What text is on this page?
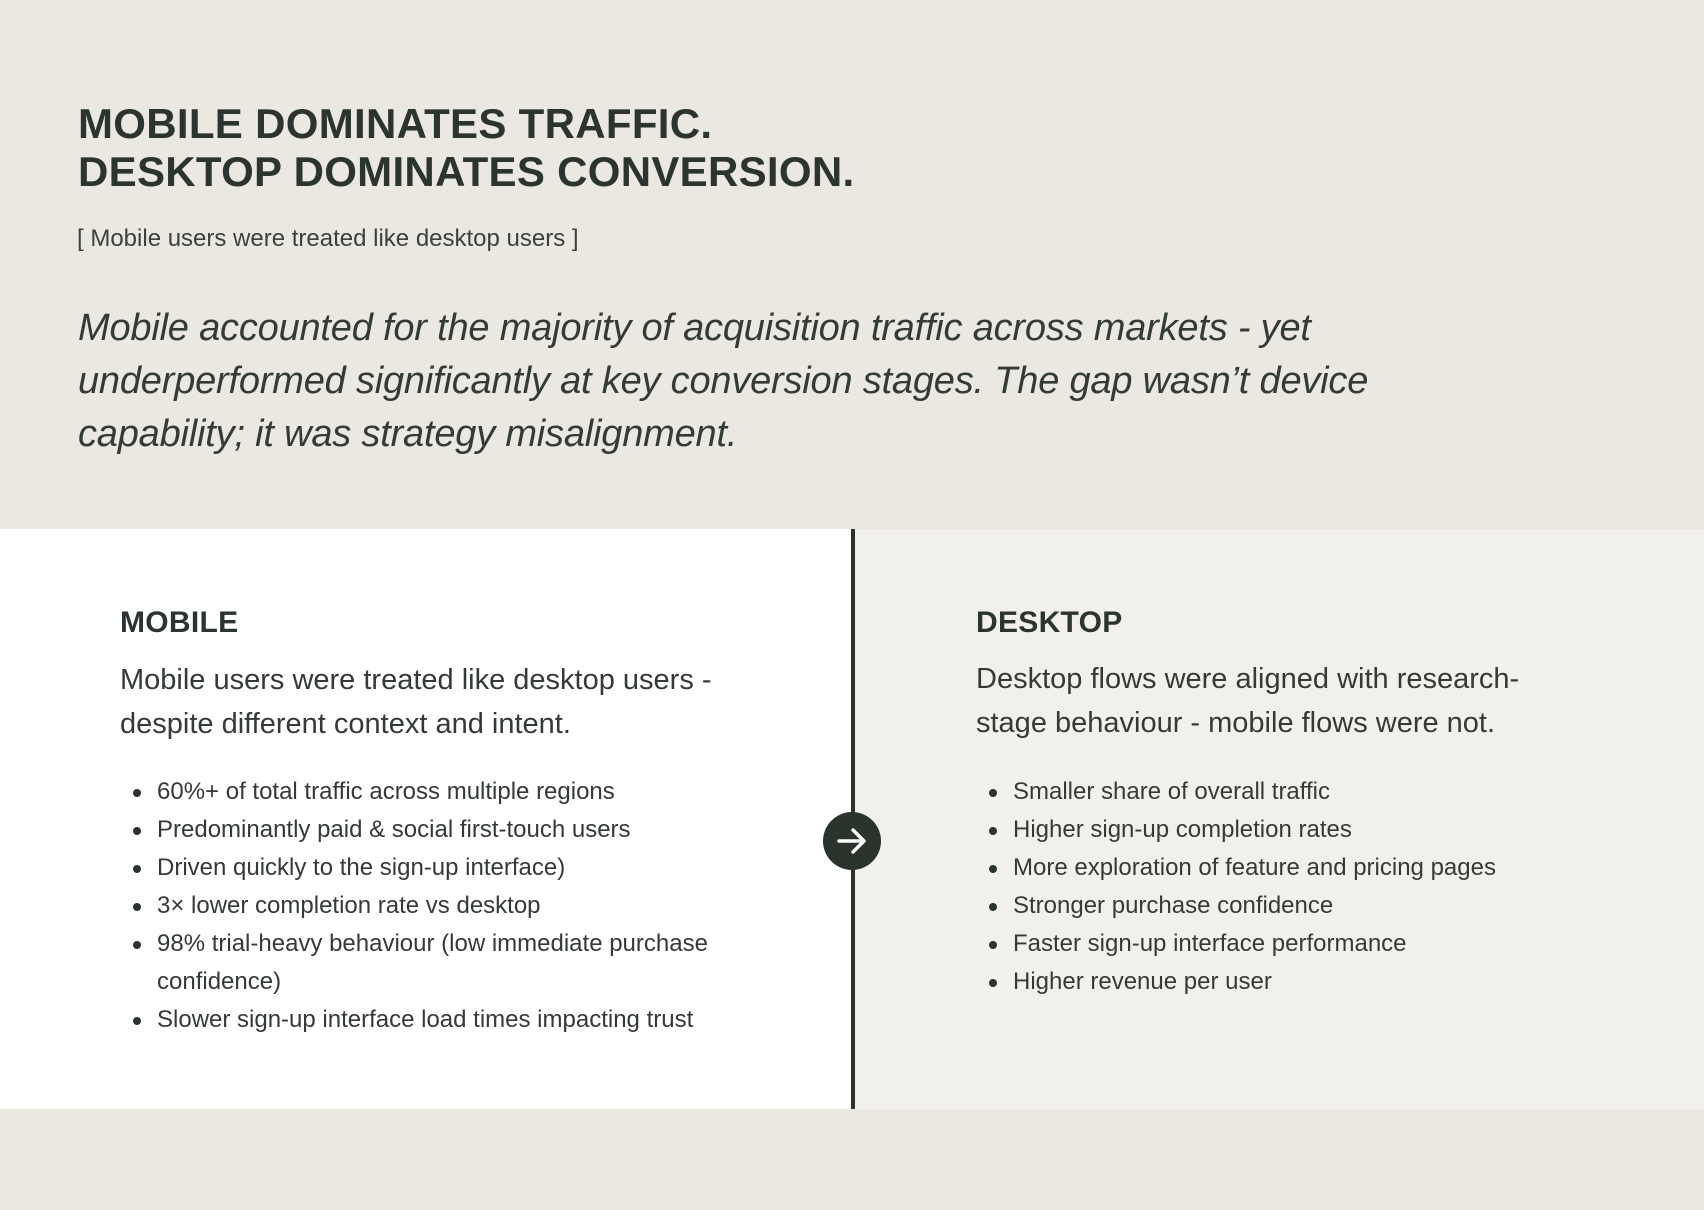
MOBILE DOMINATES TRAFFIC.
DESKTOP DOMINATES CONVERSION.

[ Mobile users were treated like desktop users ]

Mobile accounted for the majority of acquisition traffic across markets - yet underperformed significantly at key conversion stages. The gap wasn’t device capability; it was strategy misalignment.

MOBILE

Mobile users were treated like desktop users - despite different context and intent.

60%+ of total traffic across multiple regions
Predominantly paid & social first-touch users
Driven quickly to the sign-up interface)
3× lower completion rate vs desktop
98% trial-heavy behaviour (low immediate purchase confidence)
Slower sign-up interface load times impacting trust
DESKTOP

Desktop flows were aligned with research-stage behaviour - mobile flows were not.

Smaller share of overall traffic
Higher sign-up completion rates
More exploration of feature and pricing pages
Stronger purchase confidence
Faster sign-up interface performance
Higher revenue per user
